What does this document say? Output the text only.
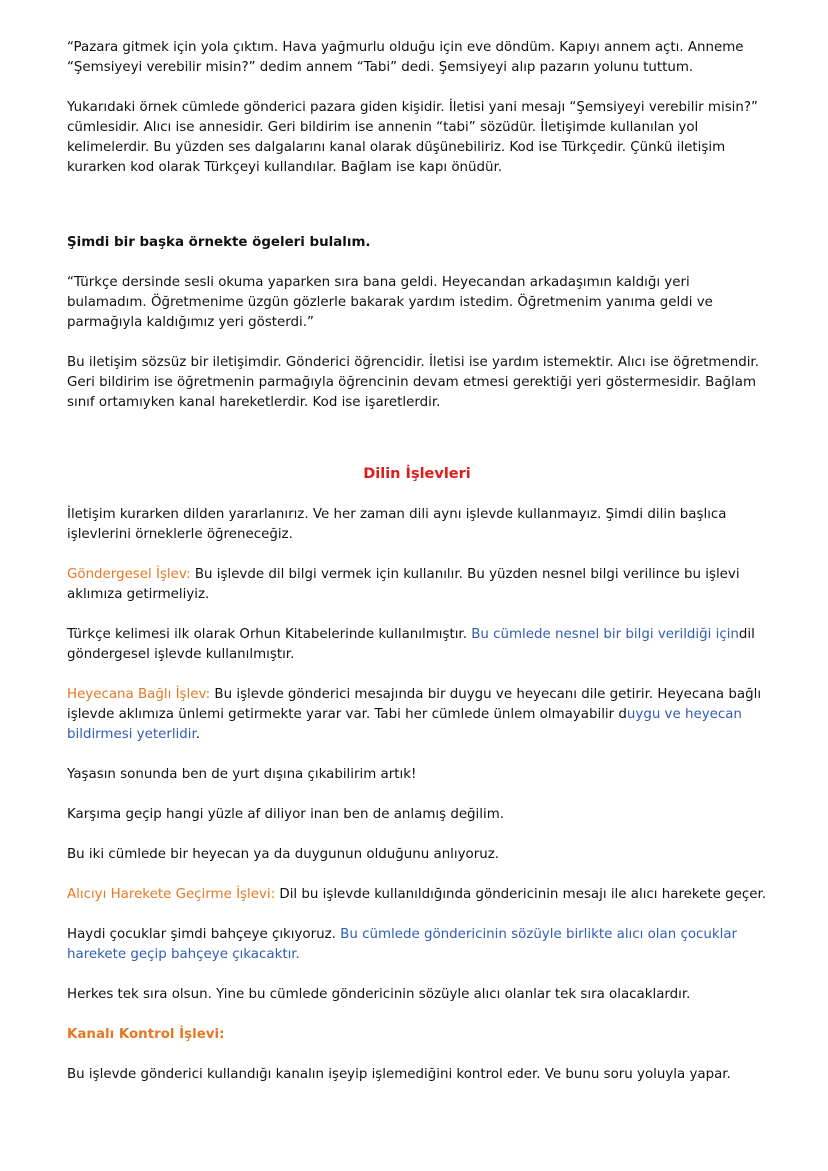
“Pazara gitmek için yola çıktım. Hava yağmurlu olduğu için eve döndüm. Kapıyı annem açtı. Anneme “Şemsiyeyi verebilir misin?” dedim annem “Tabi” dedi. Şemsiyeyi alıp pazarın yolunu tuttum.

Yukarıdaki örnek cümlede gönderici pazara giden kişidir. İletisi yani mesajı “Şemsiyeyi verebilir misin?” cümlesidir. Alıcı ise annesidir. Geri bildirim ise annenin “tabi” sözüdür. İletişimde kullanılan yol kelimelerdir. Bu yüzden ses dalgalarını kanal olarak düşünebiliriz. Kod ise Türkçedir. Çünkü iletişim kurarken kod olarak Türkçeyi kullandılar. Bağlam ise kapı önüdür.

Şimdi bir başka örnekte ögeleri bulalım.

“Türkçe dersinde sesli okuma yaparken sıra bana geldi. Heyecandan arkadaşımın kaldığı yeri bulamadım. Öğretmenime üzgün gözlerle bakarak yardım istedim. Öğretmenim yanıma geldi ve parmağıyla kaldığımız yeri gösterdi.”

Bu iletişim sözsüz bir iletişimdir. Gönderici öğrencidir. İletisi ise yardım istemektir. Alıcı ise öğretmendir. Geri bildirim ise öğretmenin parmağıyla öğrencinin devam etmesi gerektiği yeri göstermesidir. Bağlam sınıf ortamıyken kanal hareketlerdir. Kod ise işaretlerdir.

Dilin İşlevleri

İletişim kurarken dilden yararlanırız. Ve her zaman dili aynı işlevde kullanmayız. Şimdi dilin başlıca işlevlerini örneklerle öğreneceğiz.

Göndergesel İşlev: Bu işlevde dil bilgi vermek için kullanılır. Bu yüzden nesnel bilgi verilince bu işlevi aklımıza getirmeliyiz.

Türkçe kelimesi ilk olarak Orhun Kitabelerinde kullanılmıştır. Bu cümlede nesnel bir bilgi verildiği içindil göndergesel işlevde kullanılmıştır.

Heyecana Bağlı İşlev: Bu işlevde gönderici mesajında bir duygu ve heyecanı dile getirir. Heyecana bağlı işlevde aklımıza ünlemi getirmekte yarar var. Tabi her cümlede ünlem olmayabilir duygu ve heyecan bildirmesi yeterlidir.

Yaşasın sonunda ben de yurt dışına çıkabilirim artık!

Karşıma geçip hangi yüzle af diliyor inan ben de anlamış değilim.

Bu iki cümlede bir heyecan ya da duygunun olduğunu anlıyoruz.

Alıcıyı Harekete Geçirme İşlevi: Dil bu işlevde kullanıldığında göndericinin mesajı ile alıcı harekete geçer.

Haydi çocuklar şimdi bahçeye çıkıyoruz. Bu cümlede göndericinin sözüyle birlikte alıcı olan çocuklar harekete geçip bahçeye çıkacaktır.

Herkes tek sıra olsun. Yine bu cümlede göndericinin sözüyle alıcı olanlar tek sıra olacaklardır.

Kanalı Kontrol İşlevi:

Bu işlevde gönderici kullandığı kanalın işeyip işlemediğini kontrol eder. Ve bunu soru yoluyla yapar.
